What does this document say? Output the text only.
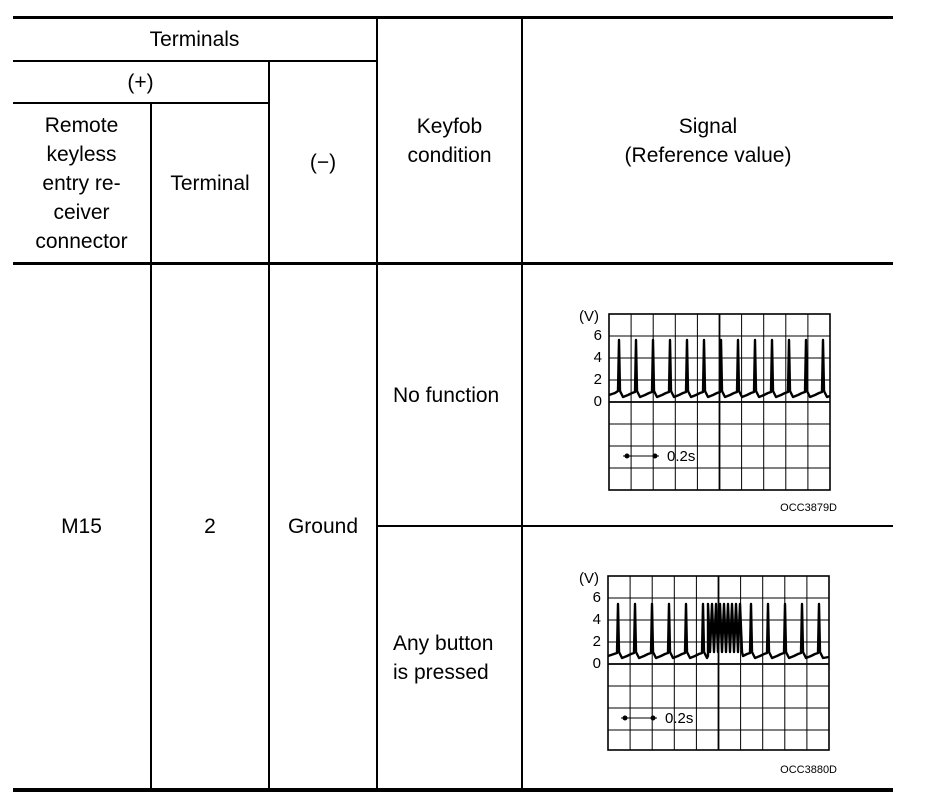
Terminals
(+)
Remote
keyless
entry re-
ceiver
connector
Terminal
(−)
Keyfob
condition
Signal
(Reference value)
M15	2	Ground
No function
Any button
is pressed
(V)
6
4
2
0
0.2s
OCC3879D
(V)
6
4
2
0
0.2s
OCC3880D
